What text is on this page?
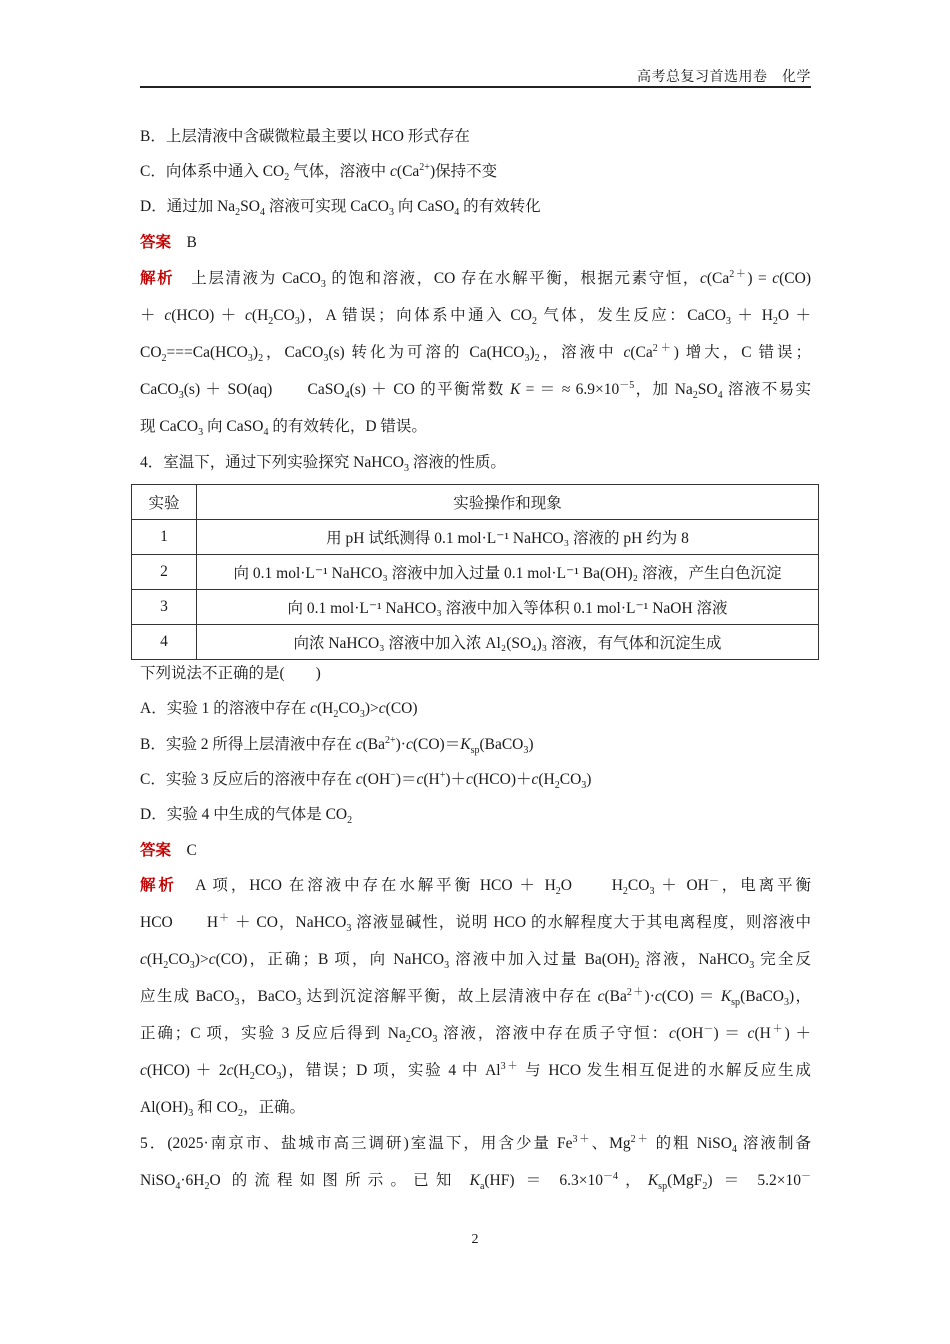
高考总复习首选用卷　化学
B．上层清液中含碳微粒最主要以 HCO 形式存在
C．向体系中通入 $CO_2$ 气体，溶液中 $c(Ca^{2+})$保持不变
D．通过加 $Na_2SO_4$ 溶液可实现 CaCO$_3$ 向 CaSO$_4$ 的有效转化
答案　 B
解析　 上层清液为 CaCO$_3$ 的饱和溶液，CO 存在水解平衡，根据元素守恒，$c(Ca^{2+}) = c(CO)$
＋ $c(HCO) + c(H_2CO_3)$，A 错误；向体系中通入 $CO_2$ 气体，发生反应：CaCO$_3$ ＋ $H_2O$ ＋
$CO_2===Ca(HCO_3)_2$，CaCO$_3$(s) 转化为可溶的 $Ca(HCO_3)_2$，溶液中 $c(Ca^{2+})$ 增大，C 错误；
CaCO$_3$(s) ＋ SO(aq)　　CaSO$_4$(s) ＋ CO 的平衡常数 K = ＝ ≈ $6.9\times 10^{-5}$，加 $Na_2SO_4$ 溶液不易实
现 CaCO$_3$ 向 CaSO$_4$ 的有效转化，D 错误。
4．室温下，通过下列实验探究 NaHCO$_3$ 溶液的性质。
实验	实验操作和现象
1	用 pH 试纸测得 0.1 mol·L⁻¹ NaHCO₃ 溶液的 pH 约为 8
2	向 0.1 mol·L⁻¹ NaHCO₃ 溶液中加入过量 0.1 mol·L⁻¹ Ba(OH)₂ 溶液，产生白色沉淀
3	向 0.1 mol·L⁻¹ NaHCO₃ 溶液中加入等体积 0.1 mol·L⁻¹ NaOH 溶液
4	向浓 NaHCO₃ 溶液中加入浓 Al₂(SO₄)₃ 溶液，有气体和沉淀生成
下列说法不正确的是(　　)
A．实验 1 的溶液中存在 $c(H_2CO_3)>c(CO)$
B．实验 2 所得上层清液中存在 $c(Ba^{2+})\cdot c(CO)=K_{sp}(BaCO_3)$
C．实验 3 反应后的溶液中存在 $c(OH^-)=c(H^+)+c(HCO)+c(H_2CO_3)$
D．实验 4 中生成的气体是 $CO_2$
答案　 C
解析　 A 项，HCO 在溶液中存在水解平衡 HCO ＋ $H_2O$　　$H_2CO_3 + OH^-$，电离平衡
HCO　　H＋ ＋ CO，NaHCO$_3$ 溶液显碱性，说明 HCO 的水解程度大于其电离程度，则溶液中
$c(H_2CO_3)>c(CO)$，正确；B 项，向 NaHCO$_3$ 溶液中加入过量 $Ba(OH)_2$ 溶液，NaHCO$_3$ 完全反
应生成 BaCO$_3$，BaCO$_3$ 达到沉淀溶解平衡，故上层清液中存在 $c(Ba^{2+})\cdot c(CO)$ ＝ $K_{sp}(BaCO_3)$，
正确；C 项，实验 3 反应后得到 $Na_2CO_3$ 溶液，溶液中存在质子守恒：c(OH－) ＝ c(H＋) ＋
$c(HCO) + 2c(H_2CO_3)$，错误；D 项，实验 4 中 $Al^{3+}$ 与 HCO 发生相互促进的水解反应生成
$Al(OH)_3$ 和 $CO_2$，正确。
5．(2025·南京市、盐城市高三调研)室温下，用含少量 $Fe^{3+}$、$Mg^{2+}$ 的粗 NiSO$_4$ 溶液制备
$NiSO_4\cdot 6H_2O$ 的流程如图所示。已知 $K_a(HF) = 6.3\times 10^{-4}$，$K_{sp}(MgF_2) = 5.2\times 10^-$
2
